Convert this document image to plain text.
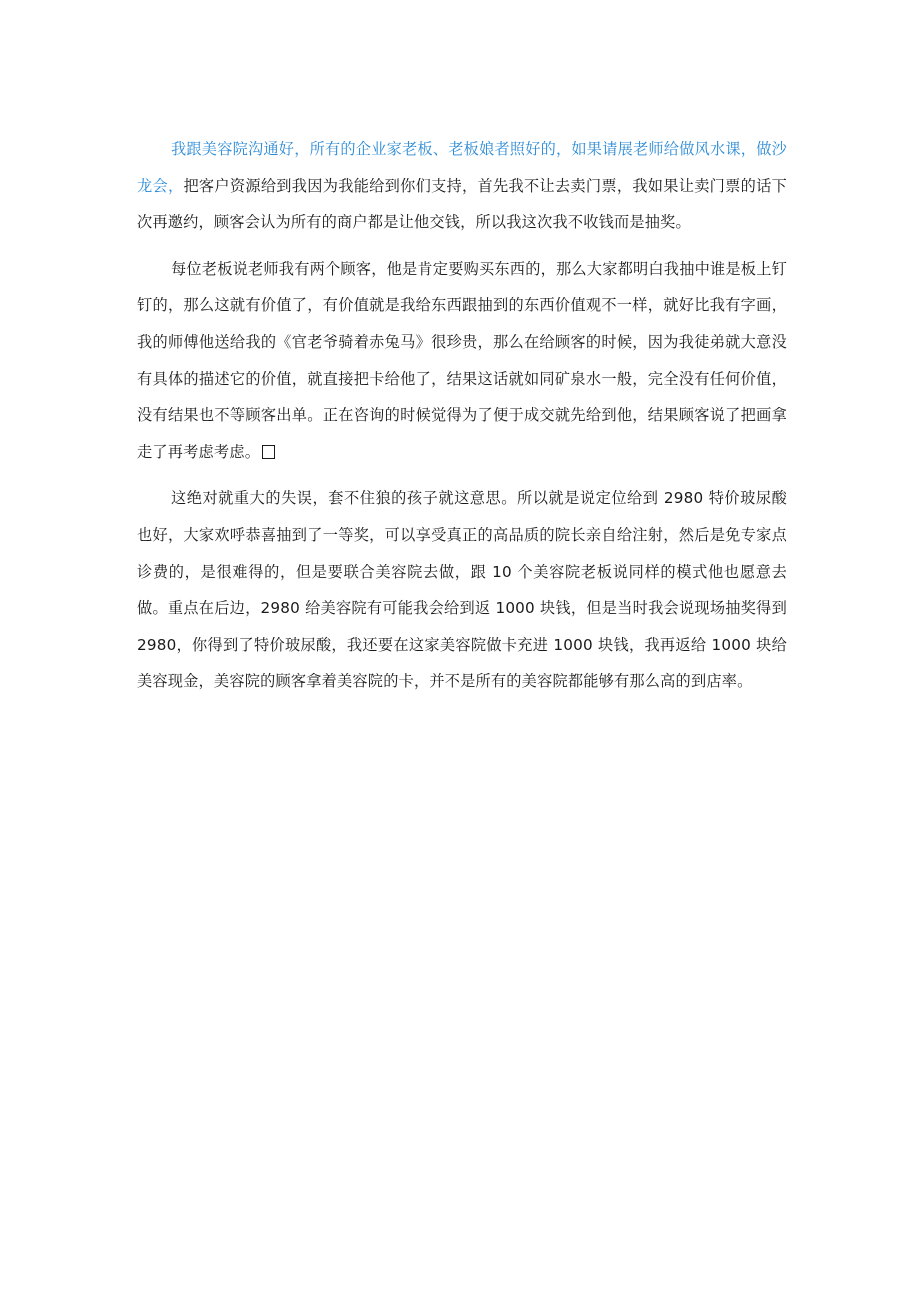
我跟美容院沟通好，所有的企业家老板、老板娘者照好的，如果请展老师给做风水课，做沙龙会，把客户资源给到我因为我能给到你们支持，首先我不让去卖门票，我如果让卖门票的话下次再邀约，顾客会认为所有的商户都是让他交钱，所以我这次我不收钱而是抽奖。

每位老板说老师我有两个顾客，他是肯定要购买东西的，那么大家都明白我抽中谁是板上钉钉的，那么这就有价值了，有价值就是我给东西跟抽到的东西价值观不一样，就好比我有字画，我的师傅他送给我的《官老爷骑着赤兔马》很珍贵，那么在给顾客的时候，因为我徒弟就大意没有具体的描述它的价值，就直接把卡给他了，结果这话就如同矿泉水一般，完全没有任何价值，没有结果也不等顾客出单。正在咨询的时候觉得为了便于成交就先给到他，结果顾客说了把画拿走了再考虑考虑。

这绝对就重大的失误，套不住狼的孩子就这意思。所以就是说定位给到 2980 特价玻尿酸也好，大家欢呼恭喜抽到了一等奖，可以享受真正的高品质的院长亲自给注射，然后是免专家点诊费的，是很难得的，但是要联合美容院去做，跟 10 个美容院老板说同样的模式他也愿意去做。重点在后边，2980 给美容院有可能我会给到返 1000 块钱，但是当时我会说现场抽奖得到 2980，你得到了特价玻尿酸，我还要在这家美容院做卡充进 1000 块钱，我再返给 1000 块给美容现金，美容院的顾客拿着美容院的卡，并不是所有的美容院都能够有那么高的到店率。
